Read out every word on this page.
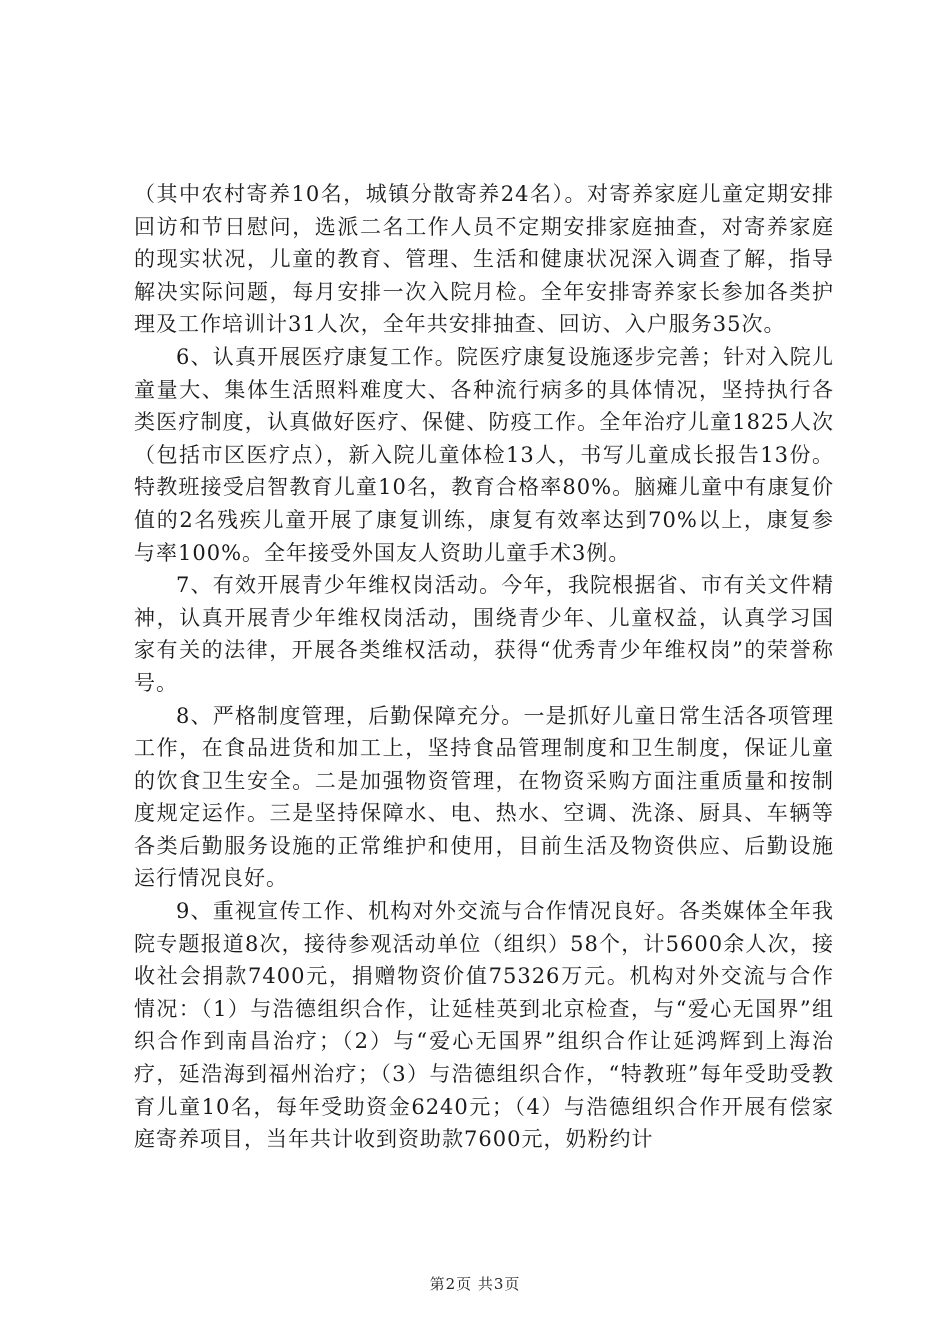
（其中农村寄养10名，城镇分散寄养24名）。对寄养家庭儿童定期安排回访和节日慰问，选派二名工作人员不定期安排家庭抽查，对寄养家庭的现实状况，儿童的教育、管理、生活和健康状况深入调查了解，指导解决实际问题，每月安排一次入院月检。全年安排寄养家长参加各类护理及工作培训计31人次，全年共安排抽查、回访、入户服务35次。

6、认真开展医疗康复工作。院医疗康复设施逐步完善；针对入院儿童量大、集体生活照料难度大、各种流行病多的具体情况，坚持执行各类医疗制度，认真做好医疗、保健、防疫工作。全年治疗儿童1825人次（包括市区医疗点），新入院儿童体检13人，书写儿童成长报告13份。特教班接受启智教育儿童10名，教育合格率80%。脑瘫儿童中有康复价值的2名残疾儿童开展了康复训练，康复有效率达到70%以上，康复参与率100%。全年接受外国友人资助儿童手术3例。

7、有效开展青少年维权岗活动。今年，我院根据省、市有关文件精神，认真开展青少年维权岗活动，围绕青少年、儿童权益，认真学习国家有关的法律，开展各类维权活动，获得“优秀青少年维权岗”的荣誉称号。

8、严格制度管理，后勤保障充分。一是抓好儿童日常生活各项管理工作，在食品进货和加工上，坚持食品管理制度和卫生制度，保证儿童的饮食卫生安全。二是加强物资管理，在物资采购方面注重质量和按制度规定运作。三是坚持保障水、电、热水、空调、洗涤、厨具、车辆等各类后勤服务设施的正常维护和使用，目前生活及物资供应、后勤设施运行情况良好。

9、重视宣传工作、机构对外交流与合作情况良好。各类媒体全年我院专题报道8次，接待参观活动单位（组织）58个，计5600余人次，接收社会捐款7400元，捐赠物资价值75326万元。机构对外交流与合作情况：（1）与浩德组织合作，让延桂英到北京检查，与“爱心无国界”组织合作到南昌治疗；（2）与“爱心无国界”组织合作让延鸿辉到上海治疗，延浩海到福州治疗；（3）与浩德组织合作，“特教班”每年受助受教育儿童10名，每年受助资金6240元；（4）与浩德组织合作开展有偿家庭寄养项目，当年共计收到资助款7600元，奶粉约计

第2页 共3页
